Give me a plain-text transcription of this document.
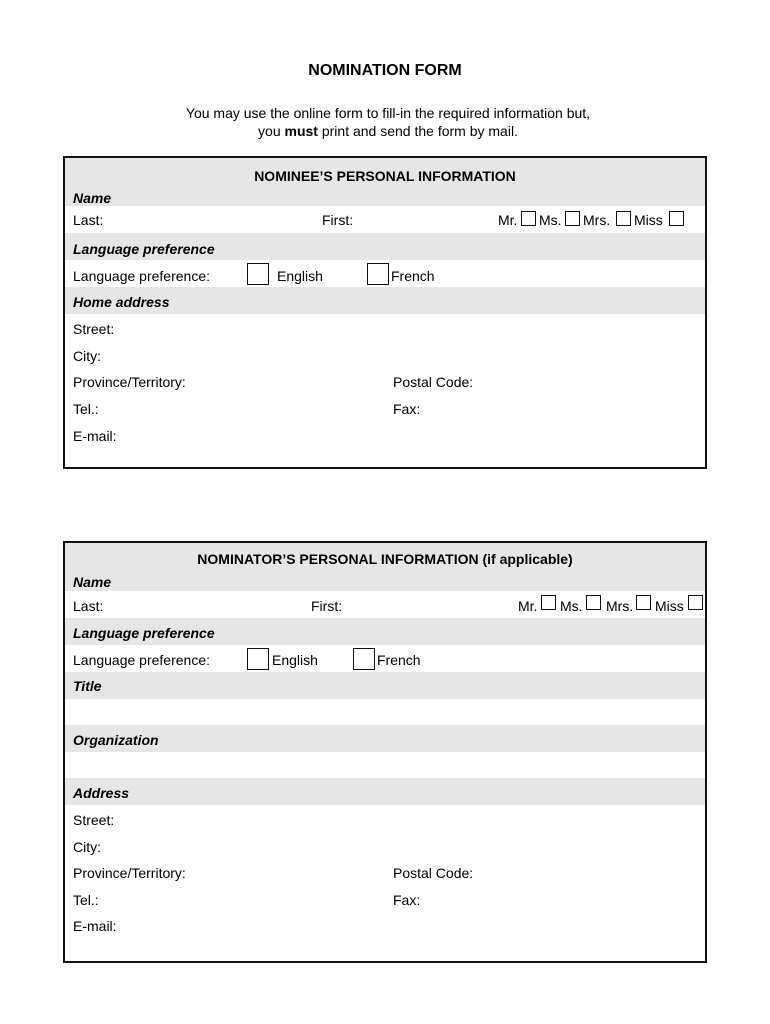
NOMINATION FORM
You may use the online form to fill-in the required information but,
you must print and send the form by mail.
NOMINEE’S PERSONAL INFORMATION
Name
Last:	First:	Mr. Ms. Mrs. Miss
Language preference
Language preference:	English	French
Home address
Street:
City:
Province/Territory:	Postal Code:
Tel.:	Fax:
E-mail:
NOMINATOR’S PERSONAL INFORMATION (if applicable)
Name
Last:	First:	Mr. Ms. Mrs. Miss
Language preference
Language preference:	English	French
Title
Organization
Address
Street:
City:
Province/Territory:	Postal Code:
Tel.:	Fax:
E-mail:
